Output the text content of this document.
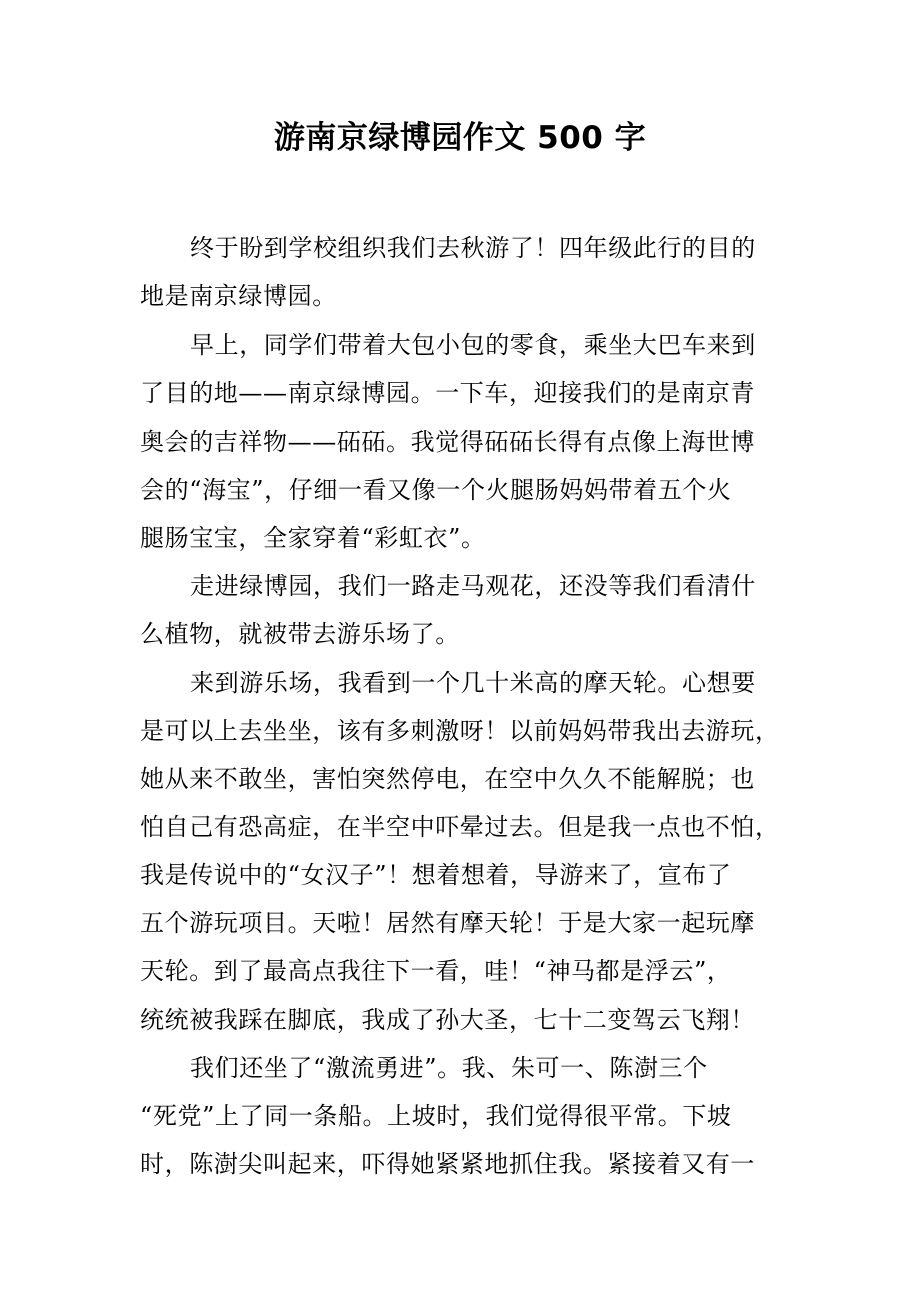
游南京绿博园作文 500 字
终于盼到学校组织我们去秋游了！四年级此行的目的
地是南京绿博园。
早上，同学们带着大包小包的零食，乘坐大巴车来到
了目的地——南京绿博园。一下车，迎接我们的是南京青
奥会的吉祥物——砳砳。我觉得砳砳长得有点像上海世博
会的“海宝”，仔细一看又像一个火腿肠妈妈带着五个火
腿肠宝宝，全家穿着“彩虹衣”。
走进绿博园，我们一路走马观花，还没等我们看清什
么植物，就被带去游乐场了。
来到游乐场，我看到一个几十米高的摩天轮。心想要
是可以上去坐坐，该有多刺激呀！以前妈妈带我出去游玩，
她从来不敢坐，害怕突然停电，在空中久久不能解脱；也
怕自己有恐高症，在半空中吓晕过去。但是我一点也不怕，
我是传说中的“女汉子”！想着想着，导游来了，宣布了
五个游玩项目。天啦！居然有摩天轮！于是大家一起玩摩
天轮。到了最高点我往下一看，哇！“神马都是浮云”，
统统被我踩在脚底，我成了孙大圣，七十二变驾云飞翔！
我们还坐了“激流勇进”。我、朱可一、陈澍三个
“死党”上了同一条船。上坡时，我们觉得很平常。下坡
时，陈澍尖叫起来，吓得她紧紧地抓住我。紧接着又有一
